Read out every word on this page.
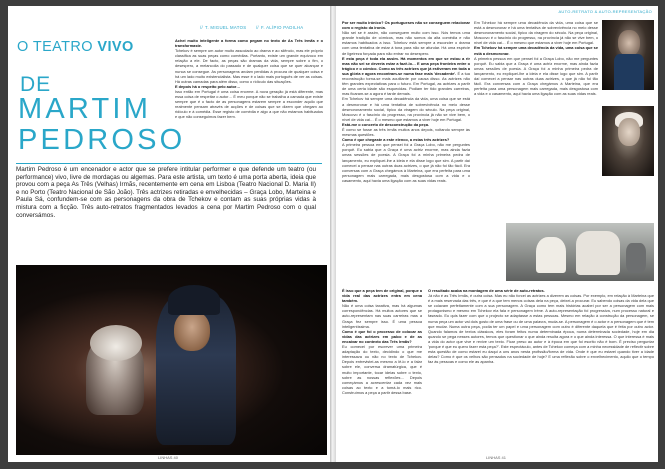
// T. MIGUEL MATOS // F. ALÍPIO PADILHA
O TEATRO VIVO
DE
MARTIM
PEDROSO
Achei muito inteligente a forma como pegam no texto de As Três Irmãs e o transformaste.
Tchekov é sempre um autor muito associado ao drama e ao silêncio, mas ele próprio classifica as suas peças como comédias. Portanto, existe um grande equívoco em relação a ele. De facto, as peças são dramas da vida, sempre sobre o fim, o desespero, a melancolia do passado e de qualquer coisa que se quer alcançar e nunca se consegue. As personagens andam perdidas à procura de qualquer coisa e há um lado muito existencialista. Mas esse é o lado mais português de ver as coisas. Há outras camadas para além disso, como o ridículo das situações.
E depois há o respeito pelo autor…
Isso então em Portugal é uma coisa enorme. A nova geração já está diferente, mas essa coisa de respeitar o autor… É meu porque não se trabalha a camada que existe sempre que é o facto de as personagens estarem sempre a esconder aquilo que realmente pensam através de acções e de coisas que se dizem que chegam ao ridículo e à comédia. Esse registo de comédia e algo a que não estamos habituados e que não conseguimos fazer bem.
Martim Pedroso é um encenador e actor que se prefere intitular performer e que defende um teatro (ou performance) vivo, livre de mordaças ou algemas. Para este artista, um texto é uma porta aberta, ideia que provou com a peça As Três (Velhas) Irmãs, recentemente em cena em Lisboa (Teatro Nacional D. Maria II) e no Porto (Teatro Nacional de São João). Três actrizes retiradas e envelhecidas – Graça Lobo, Marteina e Paula Sá, confundem-se com as personagens da obra de Tchekov e contam as suas próprias vidas à mistura com a ficção. Três auto-retratos fragmentados levados a cena por Martim Pedroso com o qual conversámos.
LINHAS 40
AUTO-RETRATO & AUTO-REPRESENTAÇÃO
Por ser muito irónico? Os portugueses não se conseguem relacionar com o registo da ironia.
Não sei se é assim, não conseguem muito com isso. Nós temos uma grande tradição de cómicos, mas não somos da alta comédia e não estamos habituados a isso. Tchekov está sempre a esconder o drama com uma tentativa de estar à tona para não se afundar. Há uma espécie de ligeireza forçada para não entrar no desespero.
E esta peça é toda ela assim. Há momentos em que se estou a rir mas não sei se deveria estar a fazê-lo… E uma peça fronteira entre o trágico e o cómico. Como as três actrizes que já estiveram em toda a sua glória e agora encontram-se numa fase mais 'decadente'. É a tua reconstrução torna-se mais acutilante por causa disso. As actrizes não têm grandes expectativas para o futuro. Em Portugal, as actrizes a partir de uma certa idade são esquecidas. Podiam ter tido grandes carreiras, mas ficaram-se a agora é tarde demais.
Em Tchekov há sempre uma decadência da vida, uma coisa que se está a desmoronar e há uma tentativa de sobrevivência no meio desse desmoronamento social, típico da viragem do século. Na peça original, Moscovo é o fascínio do progresso, na província já não se vive bem, o nível de vida cai… É o mesmo que estamos a viver hoje em Portugal.
Está-me o concerto de desconstrução da peça.
É como se fosse as três irmãs muitos anos depois, voltando sempre às mesmas questões.
Como é que chegaste a este elenco, a estas três actrizes?
A primeira pessoa em que pensei foi a Graça Lobo, não me perguntes porquê. Eu sabia que a Graça é uma actriz enorme, mas ainda fazia umas sessões de poesia. A Graça foi a minha primeira pedra de lançamento, eu expliquei-lhe a ideia e ela disse logo que sim. A partir daí comecei a pensar nas outras duas actrizes, o que já não foi tão fácil. Era conversas com a Graça chegámos à Marteina, que era perfeita para uma personagem mais carregada, mais desgostosa com a vida e o casamento, aqui havia uma ligação com as suas vidas reais.
Em Tchekov há sempre uma decadência da vida, uma coisa que se está a desmoronar e há uma tentativa de sobrevivência no meio desse desmoronamento social, típico da viragem do século. Na peça original, Moscovo é o fascínio do progresso, na província já não se vive bem, o nível de vida cai… É o mesmo que estamos a viver hoje em Portugal.
Em Tchekov há sempre uma decadência da vida, uma coisa que se está a desmoronar.
A primeira pessoa em que pensei foi a Graça Lobo, não me perguntes porquê. Eu sabia que a Graça é uma actriz enorme, mas ainda fazia umas sessões de poesia. A Graça foi a minha primeira pedra de lançamento, eu expliquei-lhe a ideia e ela disse logo que sim. A partir daí comecei a pensar nas outras duas actrizes, o que já não foi tão fácil. Era conversas com a Graça chegámos à Marteina, que era perfeita para uma personagem mais carregada, mais desgostosa com a vida e o casamento, aqui havia uma ligação com as suas vidas reais.
É isso que a peça tem de original, porque a vida real das actrizes entra em cena também.
Não é uma coisa taxativa, mas há algumas correspondências. Há muitos actores que se auto-representam nas suas carreiras mas a Graça fez sempre isso. É uma pessoa inteligentíssima.
Como é que foi o processo de colocar as vidas das actrizes em palco e de as encaixar no contexto das Três Irmãs?
Eu comecei por escrever uma primeira adaptação do texto, decidindo o que me interessava ou não no texto de Tchekov. Depois entrevistei-as mesmo a lê-lo e a falar sobre ele, conversa dramatúrgica, que é muito importante, tocar ideias sobre o texto, sobre as nossas reflexões… Depois começámos a acrescentar cada vez mais coisas ao texto e a tomá-lo mais rico. Construímos a peça a partir dessa base.
O resultado acaba na montagem de uma série de auto-retratos.
Já não é as Três Irmãs, é outra coisa. Mas eu não forcei as actrizes a dizerem as coisas. Por exemplo, em relação à Marteina que é a mais reservada das três, e que é a que tem menos coisas dela na peça, deixei-a procurar. Eu sabendo coisas da vida dela que se colavam perfeitamente com a sua personagem. A Graça como tem mais histórias acabei por ser a personagem com mais protagonismo e mesmo em Tchekov ela fala e personagem Irène. A auto-representação foi progressiva, num processo natural e faseado. Eu quis fazer com que o projecto se adaptasse a estas pessoas. Mesmo em relação à construção da personagem, se numa peça um actor vai dois gosto de uma frase ou de uma palavra, muda-se. A personagem é o actor e a personagem que é tem que mudar. Numa outra peça, podia ter um papel e uma personagem com outro é diferente daquela que é feita por outro actor. Quando falamos de textos clássicos, eles foram feitos numa determinada época, numa determinada sociedade, hoje em dia quando se pega nesses autores, temos que questionar o que ainda resulta agora e o que ainda interessa. O que interessa é mais a vida do actor que vive e revive um texto. Ficar preso ao autor e à época em que foi escrito não é bom. É preciso perguntar 'porque é que eu quero fazer esta peça?'. Este espectáculo, antes de Tchekov começa com a minha necessidade de reflectir sobre esta questão de como estarei eu daqui a uns anos nesta profissão/forma de vida. Onde é que eu estarei quando tiver a idade delas? Como é que os velhos são pensados na sociedade de hoje? E uma reflexão sobre o envelhecimento, aquilo que o tempo faz às pessoas e como ele as apanha.
LINHAS 41
